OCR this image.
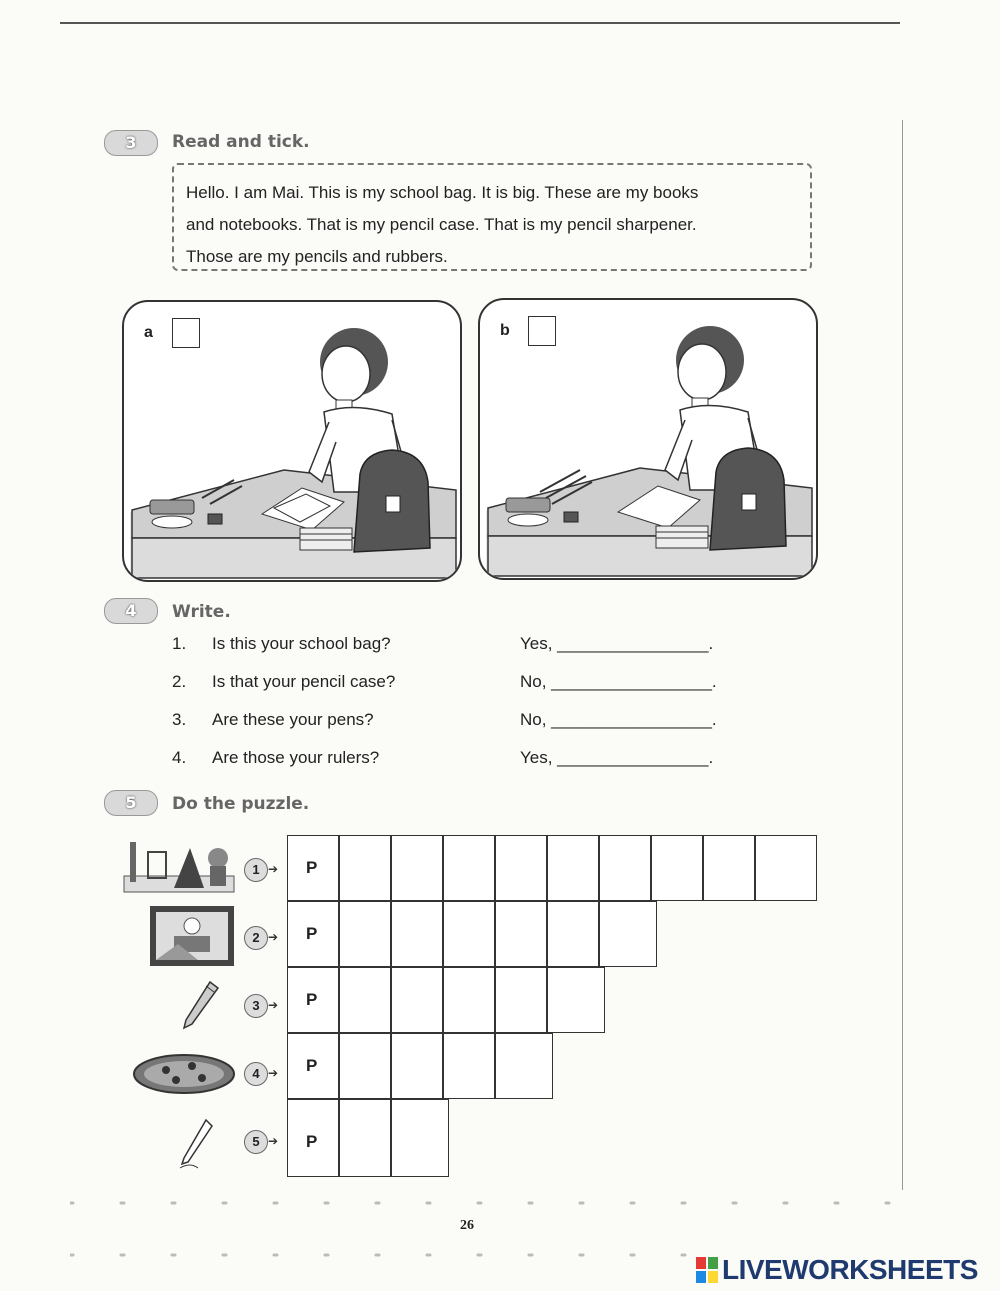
3	Read and tick.
Hello. I am Mai. This is my school bag. It is big. These are my books
and notebooks. That is my pencil case. That is my pencil sharpener.
Those are my pencils and rubbers.
a	b
4	Write.
1. Is this your school bag?	Yes, ________________.
2. Is that your pencil case?	No, _________________.
3. Are these your pens?	No, _________________.
4. Are those your rulers?	Yes, ________________.
5	Do the puzzle.
1 ➔ P
2 ➔ P
3 ➔ P
4 ➔ P
5 ➔ P
26
LIVEWORKSHEETS
